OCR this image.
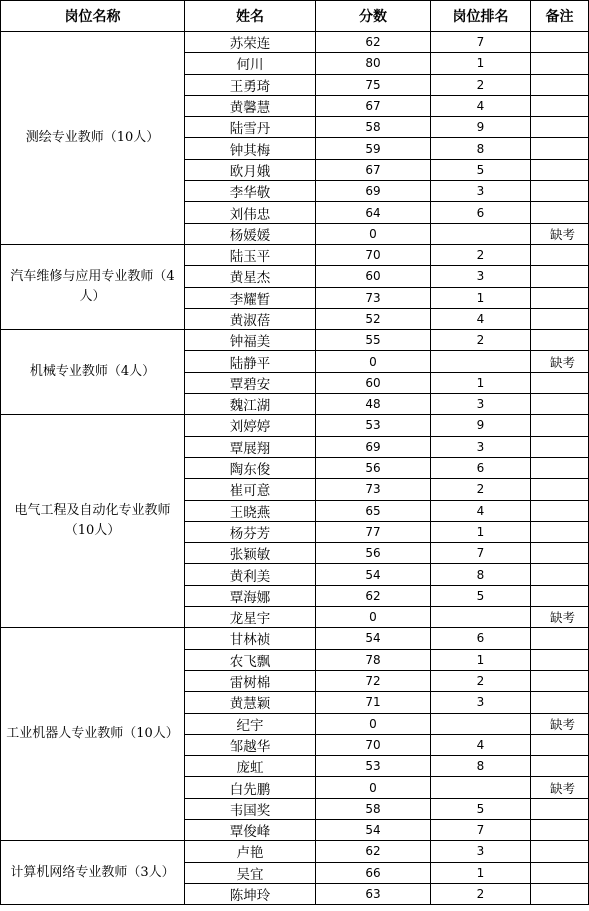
岗位名称	姓名	分数	岗位排名	备注
测绘专业教师（10人）	苏荣连	62	7	
	何川	80	1	
	王勇琦	75	2	
	黄馨慧	67	4	
	陆雪丹	58	9	
	钟其梅	59	8	
	欧月娥	67	5	
	李华敬	69	3	
	刘伟忠	64	6	
	杨媛媛	0		缺考
汽车维修与应用专业教师（4人）	陆玉平	70	2	
	黄星杰	60	3	
	李耀暂	73	1	
	黄淑蓓	52	4	
机械专业教师（4人）	钟福美	55	2	
	陆静平	0		缺考
	覃碧安	60	1	
	魏江湖	48	3	
电气工程及自动化专业教师（10人）	刘婷婷	53	9	
	覃展翔	69	3	
	陶东俊	56	6	
	崔可意	73	2	
	王晓燕	65	4	
	杨芬芳	77	1	
	张颖敏	56	7	
	黄利美	54	8	
	覃海娜	62	5	
	龙星宇	0		缺考
工业机器人专业教师（10人）	甘林祯	54	6	
	农飞飘	78	1	
	雷树棉	72	2	
	黄慧颖	71	3	
	纪宇	0		缺考
	邹越华	70	4	
	庞虹	53	8	
	白先鹏	0		缺考
	韦国奖	58	5	
	覃俊峰	54	7	
计算机网络专业教师（3人）	卢艳	62	3	
	吴宜	66	1	
	陈坤玲	63	2	
